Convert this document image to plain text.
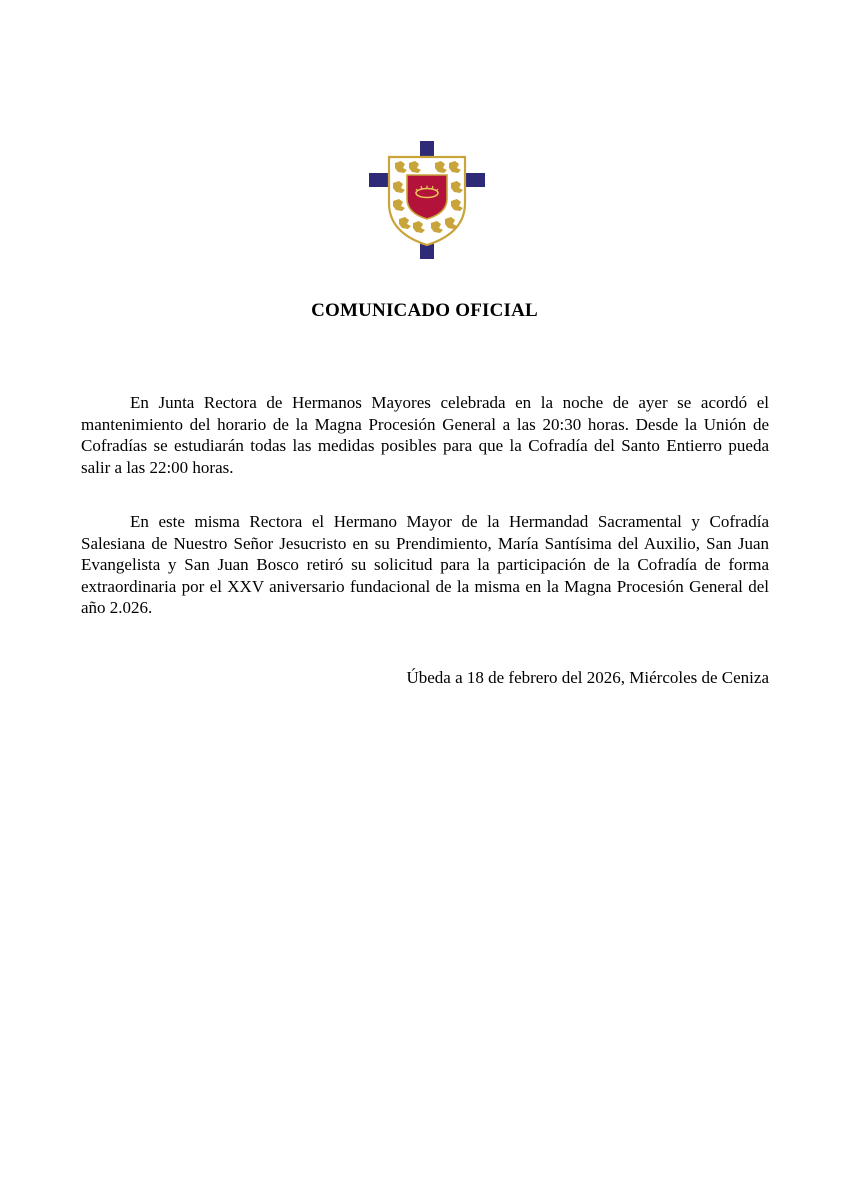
COMUNICADO OFICIAL

En Junta Rectora de Hermanos Mayores celebrada en la noche de ayer se acordó el mantenimiento del horario de la Magna Procesión General a las 20:30 horas. Desde la Unión de Cofradías se estudiarán todas las medidas posibles para que la Cofradía del Santo Entierro pueda salir a las 22:00 horas.

En este misma Rectora el Hermano Mayor de la Hermandad Sacramental y Cofradía Salesiana de Nuestro Señor Jesucristo en su Prendimiento, María Santísima del Auxilio, San Juan Evangelista y San Juan Bosco retiró su solicitud para la participación de la Cofradía de forma extraordinaria por el XXV aniversario fundacional de la misma en la Magna Procesión General del año 2.026.

Úbeda a 18 de febrero del 2026, Miércoles de Ceniza
